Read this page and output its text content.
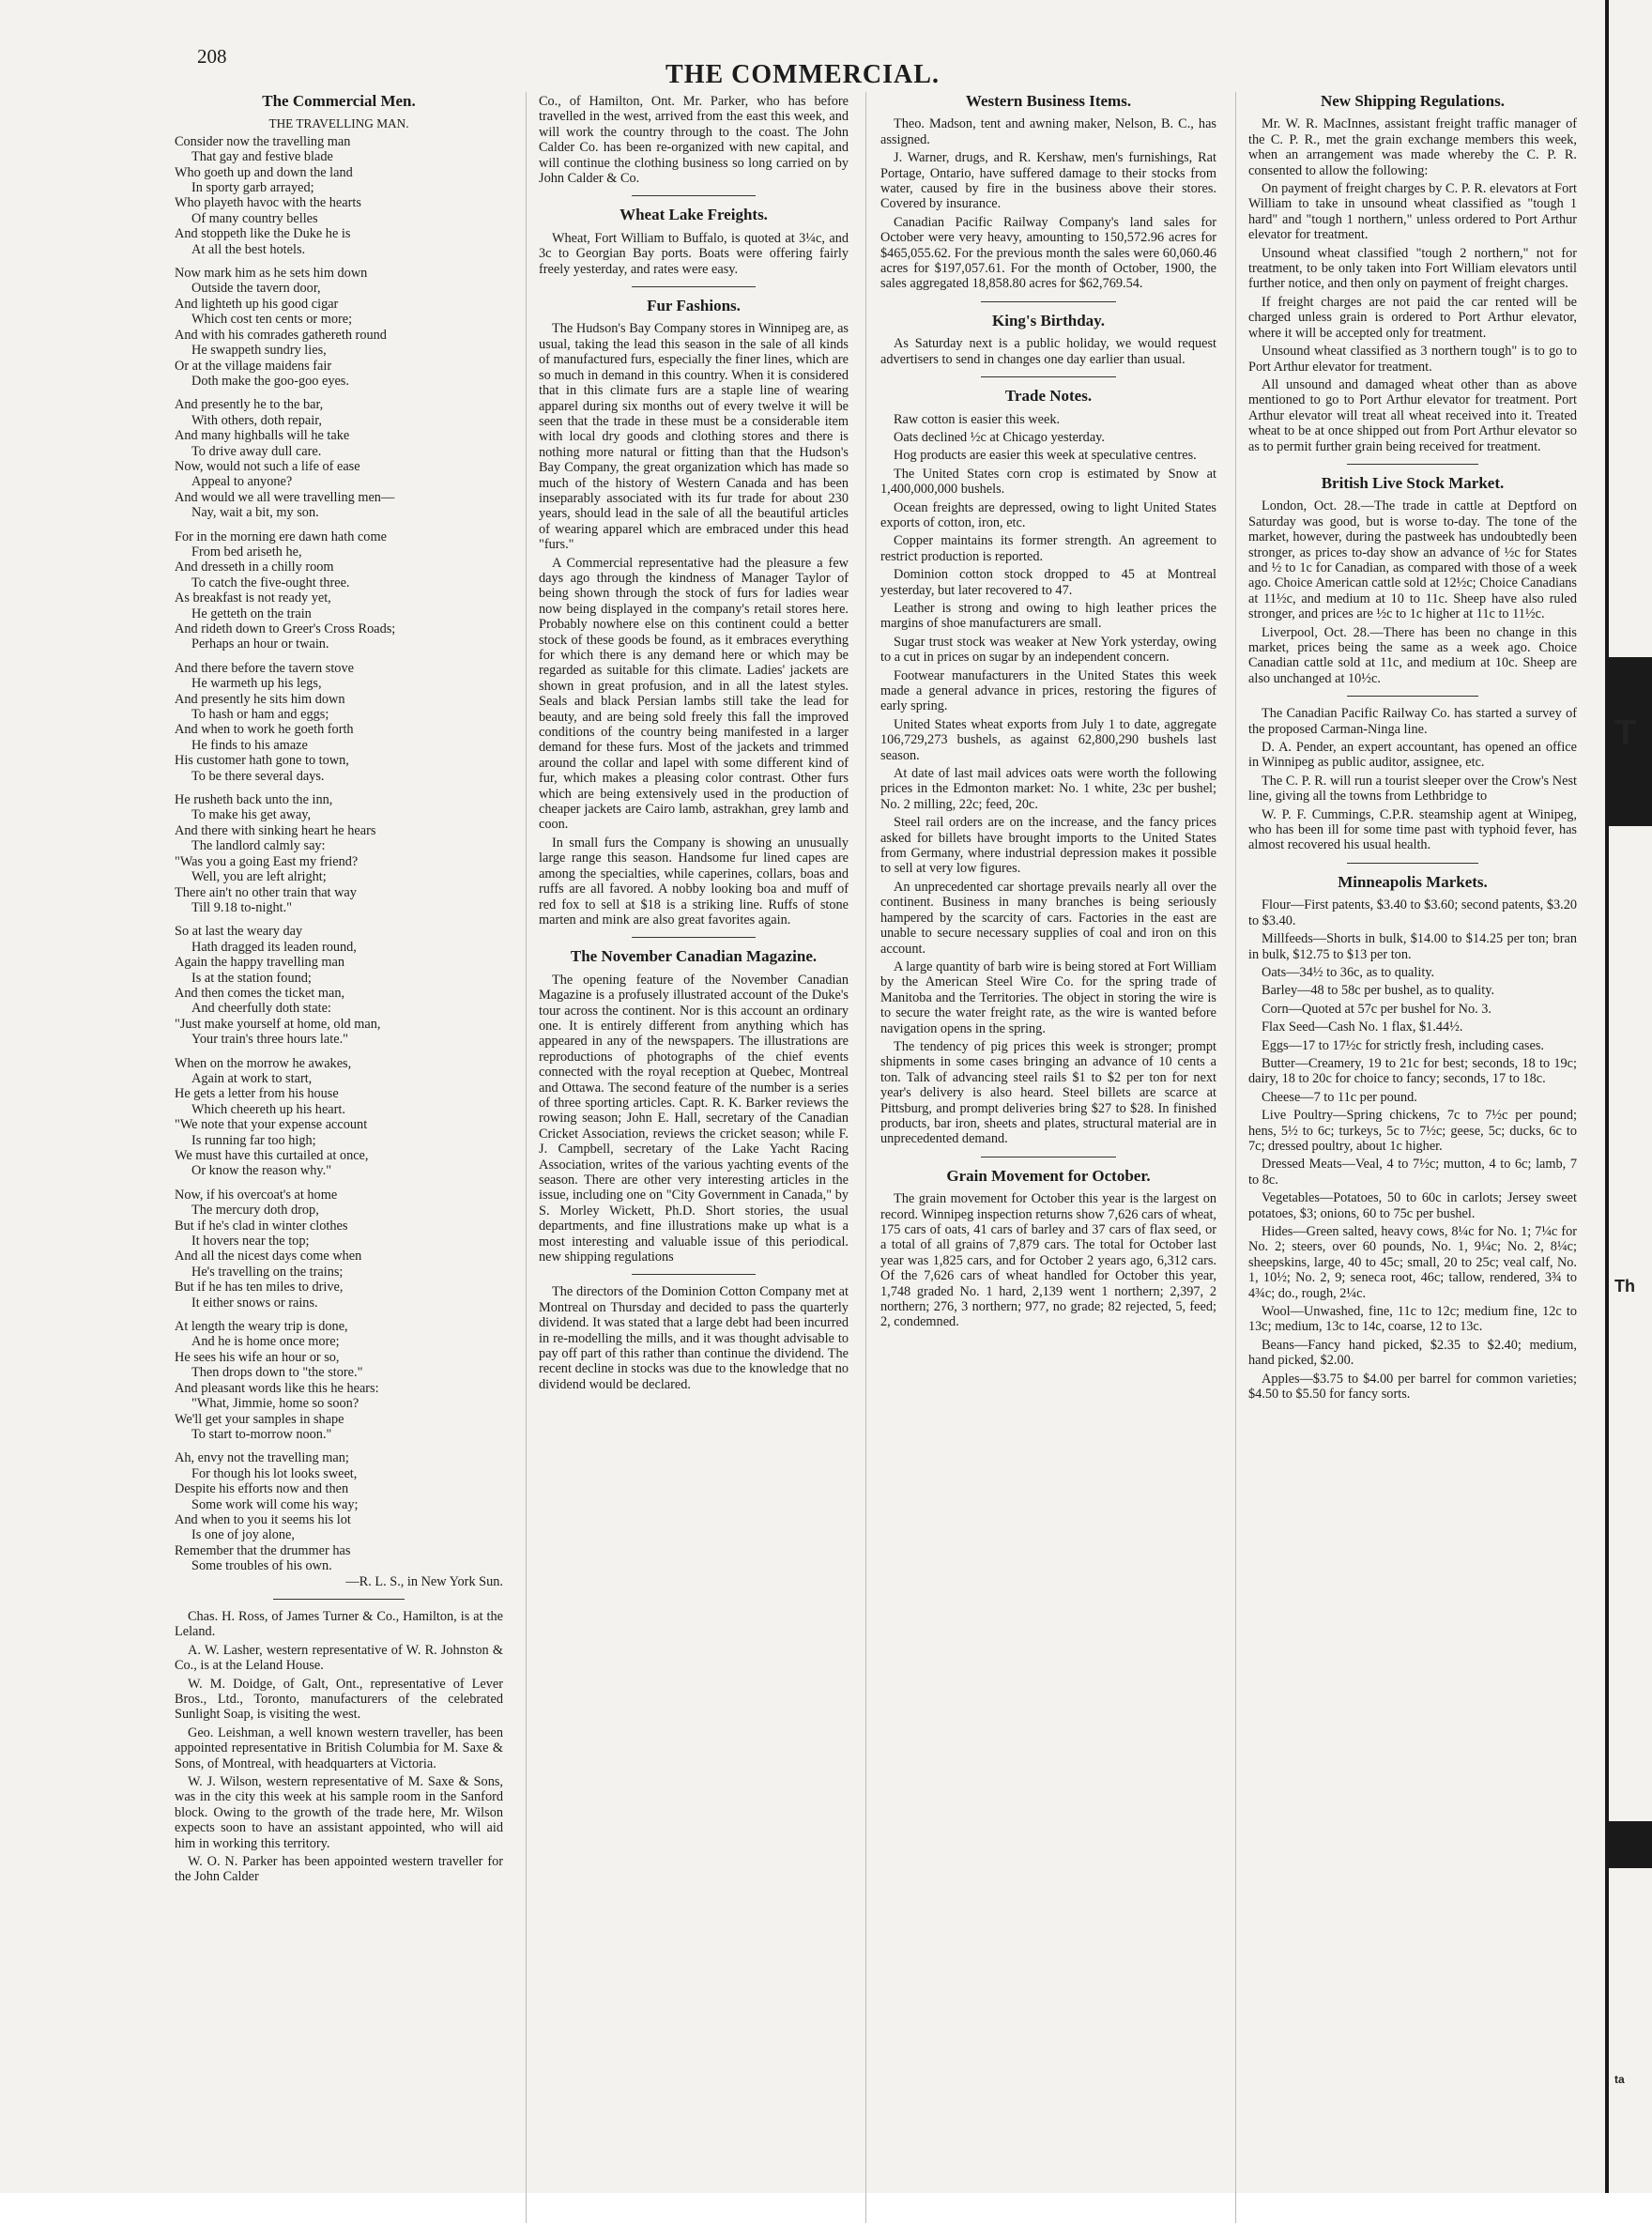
208
THE COMMERCIAL.
The Commercial Men.

THE TRAVELLING MAN.

Consider now the travelling man

That gay and festive blade

Who goeth up and down the land

In sporty garb arrayed;

Who playeth havoc with the hearts

Of many country belles

And stoppeth like the Duke he is

At all the best hotels.

Now mark him as he sets him down

Outside the tavern door,

And lighteth up his good cigar

Which cost ten cents or more;

And with his comrades gathereth round

He swappeth sundry lies,

Or at the village maidens fair

Doth make the goo-goo eyes.

And presently he to the bar,

With others, doth repair,

And many highballs will he take

To drive away dull care.

Now, would not such a life of ease

Appeal to anyone?

And would we all were travelling men—

Nay, wait a bit, my son.

For in the morning ere dawn hath come

From bed ariseth he,

And dresseth in a chilly room

To catch the five-ought three.

As breakfast is not ready yet,

He getteth on the train

And rideth down to Greer's Cross Roads;

Perhaps an hour or twain.

And there before the tavern stove

He warmeth up his legs,

And presently he sits him down

To hash or ham and eggs;

And when to work he goeth forth

He finds to his amaze

His customer hath gone to town,

To be there several days.

He rusheth back unto the inn,

To make his get away,

And there with sinking heart he hears

The landlord calmly say:

"Was you a going East my friend?

Well, you are left alright;

There ain't no other train that way

Till 9.18 to-night."

So at last the weary day

Hath dragged its leaden round,

Again the happy travelling man

Is at the station found;

And then comes the ticket man,

And cheerfully doth state:

"Just make yourself at home, old man,

Your train's three hours late."

When on the morrow he awakes,

Again at work to start,

He gets a letter from his house

Which cheereth up his heart.

"We note that your expense account

Is running far too high;

We must have this curtailed at once,

Or know the reason why."

Now, if his overcoat's at home

The mercury doth drop,

But if he's clad in winter clothes

It hovers near the top;

And all the nicest days come when

He's travelling on the trains;

But if he has ten miles to drive,

It either snows or rains.

At length the weary trip is done,

And he is home once more;

He sees his wife an hour or so,

Then drops down to "the store."

And pleasant words like this he hears:

"What, Jimmie, home so soon?

We'll get your samples in shape

To start to-morrow noon."

Ah, envy not the travelling man;

For though his lot looks sweet,

Despite his efforts now and then

Some work will come his way;

And when to you it seems his lot

Is one of joy alone,

Remember that the drummer has

Some troubles of his own.

—R. L. S., in New York Sun.

Chas. H. Ross, of James Turner & Co., Hamilton, is at the Leland.

A. W. Lasher, western representative of W. R. Johnston & Co., is at the Leland House.

W. M. Doidge, of Galt, Ont., representative of Lever Bros., Ltd., Toronto, manufacturers of the celebrated Sunlight Soap, is visiting the west.

Geo. Leishman, a well known western traveller, has been appointed representative in British Columbia for M. Saxe & Sons, of Montreal, with headquarters at Victoria.

W. J. Wilson, western representative of M. Saxe & Sons, was in the city this week at his sample room in the Sanford block. Owing to the growth of the trade here, Mr. Wilson expects soon to have an assistant appointed, who will aid him in working this territory.

W. O. N. Parker has been appointed western traveller for the John Calder

Co., of Hamilton, Ont. Mr. Parker, who has before travelled in the west, arrived from the east this week, and will work the country through to the coast. The John Calder Co. has been re-organized with new capital, and will continue the clothing business so long carried on by John Calder & Co.

Wheat Lake Freights.

Wheat, Fort William to Buffalo, is quoted at 3¼c, and 3c to Georgian Bay ports. Boats were offering fairly freely yesterday, and rates were easy.

Fur Fashions.

The Hudson's Bay Company stores in Winnipeg are, as usual, taking the lead this season in the sale of all kinds of manufactured furs, especially the finer lines, which are so much in demand in this country. When it is considered that in this climate furs are a staple line of wearing apparel during six months out of every twelve it will be seen that the trade in these must be a considerable item with local dry goods and clothing stores and there is nothing more natural or fitting than that the Hudson's Bay Company, the great organization which has made so much of the history of Western Canada and has been inseparably associated with its fur trade for about 230 years, should lead in the sale of all the beautiful articles of wearing apparel which are embraced under this head "furs."

A Commercial representative had the pleasure a few days ago through the kindness of Manager Taylor of being shown through the stock of furs for ladies wear now being displayed in the company's retail stores here. Probably nowhere else on this continent could a better stock of these goods be found, as it embraces everything for which there is any demand here or which may be regarded as suitable for this climate. Ladies' jackets are shown in great profusion, and in all the latest styles. Seals and black Persian lambs still take the lead for beauty, and are being sold freely this fall the improved conditions of the country being manifested in a larger demand for these furs. Most of the jackets and trimmed around the collar and lapel with some different kind of fur, which makes a pleasing color contrast. Other furs which are being extensively used in the production of cheaper jackets are Cairo lamb, astrakhan, grey lamb and coon.

In small furs the Company is showing an unusually large range this season. Handsome fur lined capes are among the specialties, while caperines, collars, boas and ruffs are all favored. A nobby looking boa and muff of red fox to sell at $18 is a striking line. Ruffs of stone marten and mink are also great favorites again.

The November Canadian Magazine.

The opening feature of the November Canadian Magazine is a profusely illustrated account of the Duke's tour across the continent. Nor is this account an ordinary one. It is entirely different from anything which has appeared in any of the newspapers. The illustrations are reproductions of photographs of the chief events connected with the royal reception at Quebec, Montreal and Ottawa. The second feature of the number is a series of three sporting articles. Capt. R. K. Barker reviews the rowing season; John E. Hall, secretary of the Canadian Cricket Association, reviews the cricket season; while F. J. Campbell, secretary of the Lake Yacht Racing Association, writes of the various yachting events of the season. There are other very interesting articles in the issue, including one on "City Government in Canada," by S. Morley Wickett, Ph.D. Short stories, the usual departments, and fine illustrations make up what is a most interesting and valuable issue of this periodical. new shipping regulations

The directors of the Dominion Cotton Company met at Montreal on Thursday and decided to pass the quarterly dividend. It was stated that a large debt had been incurred in re-modelling the mills, and it was thought advisable to pay off part of this rather than continue the dividend. The recent decline in stocks was due to the knowledge that no dividend would be declared.

Western Business Items.

Theo. Madson, tent and awning maker, Nelson, B. C., has assigned.

J. Warner, drugs, and R. Kershaw, men's furnishings, Rat Portage, Ontario, have suffered damage to their stocks from water, caused by fire in the business above their stores. Covered by insurance.

Canadian Pacific Railway Company's land sales for October were very heavy, amounting to 150,572.96 acres for $465,055.62. For the previous month the sales were 60,060.46 acres for $197,057.61. For the month of October, 1900, the sales aggregated 18,858.80 acres for $62,769.54.

King's Birthday.

As Saturday next is a public holiday, we would request advertisers to send in changes one day earlier than usual.

Trade Notes.

Raw cotton is easier this week.

Oats declined ½c at Chicago yesterday.

Hog products are easier this week at speculative centres.

The United States corn crop is estimated by Snow at 1,400,000,000 bushels.

Ocean freights are depressed, owing to light United States exports of cotton, iron, etc.

Copper maintains its former strength. An agreement to restrict production is reported.

Dominion cotton stock dropped to 45 at Montreal yesterday, but later recovered to 47.

Leather is strong and owing to high leather prices the margins of shoe manufacturers are small.

Sugar trust stock was weaker at New York ysterday, owing to a cut in prices on sugar by an independent concern.

Footwear manufacturers in the United States this week made a general advance in prices, restoring the figures of early spring.

United States wheat exports from July 1 to date, aggregate 106,729,273 bushels, as against 62,800,290 bushels last season.

At date of last mail advices oats were worth the following prices in the Edmonton market: No. 1 white, 23c per bushel; No. 2 milling, 22c; feed, 20c.

Steel rail orders are on the increase, and the fancy prices asked for billets have brought imports to the United States from Germany, where industrial depression makes it possible to sell at very low figures.

An unprecedented car shortage prevails nearly all over the continent. Business in many branches is being seriously hampered by the scarcity of cars. Factories in the east are unable to secure necessary supplies of coal and iron on this account.

A large quantity of barb wire is being stored at Fort William by the American Steel Wire Co. for the spring trade of Manitoba and the Territories. The object in storing the wire is to secure the water freight rate, as the wire is wanted before navigation opens in the spring.

The tendency of pig prices this week is stronger; prompt shipments in some cases bringing an advance of 10 cents a ton. Talk of advancing steel rails $1 to $2 per ton for next year's delivery is also heard. Steel billets are scarce at Pittsburg, and prompt deliveries bring $27 to $28. In finished products, bar iron, sheets and plates, structural material are in unprecedented demand.

Grain Movement for October.

The grain movement for October this year is the largest on record. Winnipeg inspection returns show 7,626 cars of wheat, 175 cars of oats, 41 cars of barley and 37 cars of flax seed, or a total of all grains of 7,879 cars. The total for October last year was 1,825 cars, and for October 2 years ago, 6,312 cars. Of the 7,626 cars of wheat handled for October this year, 1,748 graded No. 1 hard, 2,139 went 1 northern; 2,397, 2 northern; 276, 3 northern; 977, no grade; 82 rejected, 5, feed; 2, condemned.

New Shipping Regulations.

Mr. W. R. MacInnes, assistant freight traffic manager of the C. P. R., met the grain exchange members this week, when an arrangement was made whereby the C. P. R. consented to allow the following:

On payment of freight charges by C. P. R. elevators at Fort William to take in unsound wheat classified as "tough 1 hard" and "tough 1 northern," unless ordered to Port Arthur elevator for treatment.

Unsound wheat classified "tough 2 northern," not for treatment, to be only taken into Fort William elevators until further notice, and then only on payment of freight charges.

If freight charges are not paid the car rented will be charged unless grain is ordered to Port Arthur elevator, where it will be accepted only for treatment.

Unsound wheat classified as 3 northern tough" is to go to Port Arthur elevator for treatment.

All unsound and damaged wheat other than as above mentioned to go to Port Arthur elevator for treatment. Port Arthur elevator will treat all wheat received into it. Treated wheat to be at once shipped out from Port Arthur elevator so as to permit further grain being received for treatment.

British Live Stock Market.

London, Oct. 28.—The trade in cattle at Deptford on Saturday was good, but is worse to-day. The tone of the market, however, during the pastweek has undoubtedly been stronger, as prices to-day show an advance of ½c for States and ½ to 1c for Canadian, as compared with those of a week ago. Choice American cattle sold at 12½c; Choice Canadians at 11½c, and medium at 10 to 11c. Sheep have also ruled stronger, and prices are ½c to 1c higher at 11c to 11½c.

Liverpool, Oct. 28.—There has been no change in this market, prices being the same as a week ago. Choice Canadian cattle sold at 11c, and medium at 10c. Sheep are also unchanged at 10½c.

The Canadian Pacific Railway Co. has started a survey of the proposed Carman-Ninga line.

D. A. Pender, an expert accountant, has opened an office in Winnipeg as public auditor, assignee, etc.

The C. P. R. will run a tourist sleeper over the Crow's Nest line, giving all the towns from Lethbridge to

W. P. F. Cummings, C.P.R. steamship agent at Winipeg, who has been ill for some time past with typhoid fever, has almost recovered his usual health.

Minneapolis Markets.

Flour—First patents, $3.40 to $3.60; second patents, $3.20 to $3.40.

Millfeeds—Shorts in bulk, $14.00 to $14.25 per ton; bran in bulk, $12.75 to $13 per ton.

Oats—34½ to 36c, as to quality.

Barley—48 to 58c per bushel, as to quality.

Corn—Quoted at 57c per bushel for No. 3.

Flax Seed—Cash No. 1 flax, $1.44½.

Eggs—17 to 17½c for strictly fresh, including cases.

Butter—Creamery, 19 to 21c for best; seconds, 18 to 19c; dairy, 18 to 20c for choice to fancy; seconds, 17 to 18c.

Cheese—7 to 11c per pound.

Live Poultry—Spring chickens, 7c to 7½c per pound; hens, 5½ to 6c; turkeys, 5c to 7½c; geese, 5c; ducks, 6c to 7c; dressed poultry, about 1c higher.

Dressed Meats—Veal, 4 to 7½c; mutton, 4 to 6c; lamb, 7 to 8c.

Vegetables—Potatoes, 50 to 60c in carlots; Jersey sweet potatoes, $3; onions, 60 to 75c per bushel.

Hides—Green salted, heavy cows, 8¼c for No. 1; 7¼c for No. 2; steers, over 60 pounds, No. 1, 9¼c; No. 2, 8¼c; sheepskins, large, 40 to 45c; small, 20 to 25c; veal calf, No. 1, 10½; No. 2, 9; seneca root, 46c; tallow, rendered, 3¾ to 4¾c; do., rough, 2¼c.

Wool—Unwashed, fine, 11c to 12c; medium fine, 12c to 13c; medium, 13c to 14c, coarse, 12 to 13c.

Beans—Fancy hand picked, $2.35 to $2.40; medium, hand picked, $2.00.

Apples—$3.75 to $4.00 per barrel for common varieties; $4.50 to $5.50 for fancy sorts.

T
Th
ta
